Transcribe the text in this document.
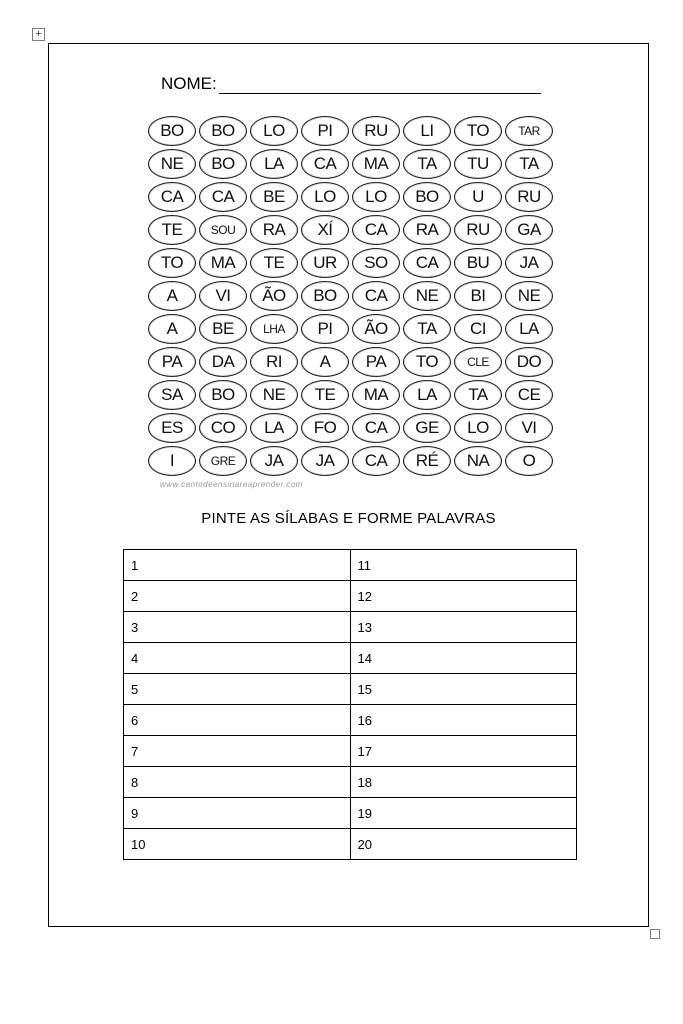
+
NOME:
BO	BO	LO	PI	RU	LI	TO	TAR
NE	BO	LA	CA	MA	TA	TU	TA
CA	CA	BE	LO	LO	BO	U	RU
TE	SOU	RA	XÍ	CA	RA	RU	GA
TO	MA	TE	UR	SO	CA	BU	JA
A	VI	ÃO	BO	CA	NE	BI	NE
A	BE	LHA	PI	ÃO	TA	CI	LA
PA	DA	RI	A	PA	TO	CLE	DO
SA	BO	NE	TE	MA	LA	TA	CE
ES	CO	LA	FO	CA	GE	LO	VI
I	GRE	JA	JA	CA	RÉ	NA	O
www.cantodeensinareaprender.com
PINTE AS SÍLABAS E FORME PALAVRAS
1	11
2	12
3	13
4	14
5	15
6	16
7	17
8	18
9	19
10	20
